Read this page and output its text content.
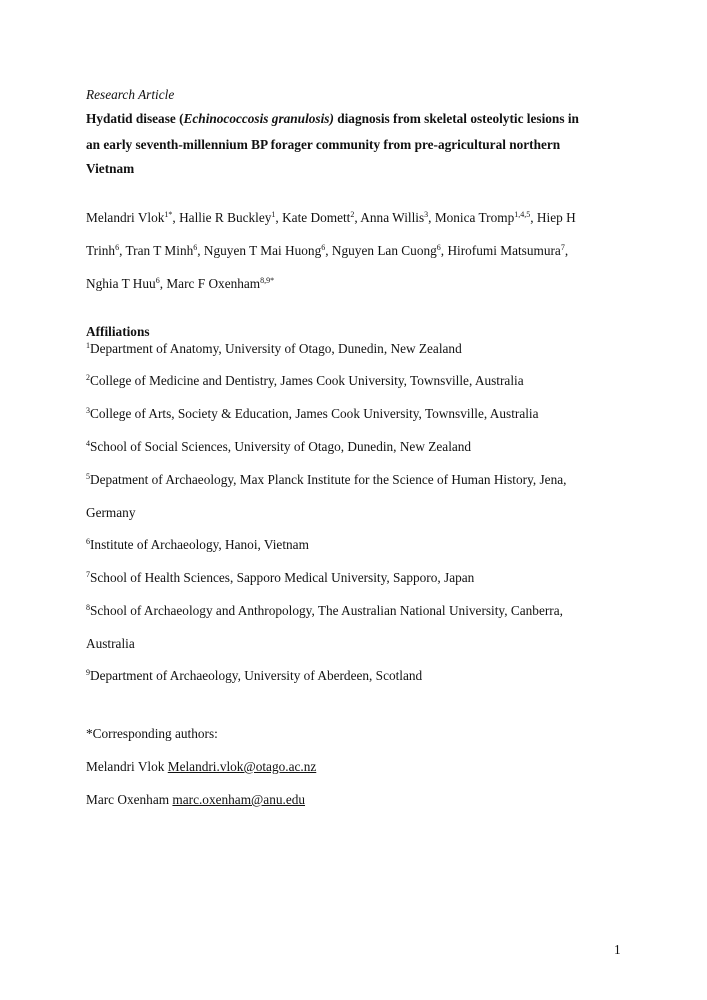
Research Article
Hydatid disease (Echinococcosis granulosis) diagnosis from skeletal osteolytic lesions in
an early seventh-millennium BP forager community from pre-agricultural northern
Vietnam
Melandri Vlok$^{1*}$, Hallie R Buckley$^1$, Kate Domett$^2$, Anna Willis$^3$, Monica Tromp$^{1,4,5}$, Hiep H
Trinh$^6$, Tran T Minh$^6$, Nguyen T Mai Huong$^6$, Nguyen Lan Cuong$^6$, Hirofumi Matsumura$^7$,
Nghia T Huu$^6$, Marc F Oxenham$^{8,9*}$
Affiliations
$^1$Department of Anatomy, University of Otago, Dunedin, New Zealand
$^2$College of Medicine and Dentistry, James Cook University, Townsville, Australia
$^3$College of Arts, Society & Education, James Cook University, Townsville, Australia
$^4$School of Social Sciences, University of Otago, Dunedin, New Zealand
$^5$Depatment of Archaeology, Max Planck Institute for the Science of Human History, Jena,
Germany
$^6$Institute of Archaeology, Hanoi, Vietnam
$^7$School of Health Sciences, Sapporo Medical University, Sapporo, Japan
$^8$School of Archaeology and Anthropology, The Australian National University, Canberra,
Australia
$^9$Department of Archaeology, University of Aberdeen, Scotland
*Corresponding authors:
Melandri Vlok Melandri.vlok@otago.ac.nz
Marc Oxenham marc.oxenham@anu.edu
1
